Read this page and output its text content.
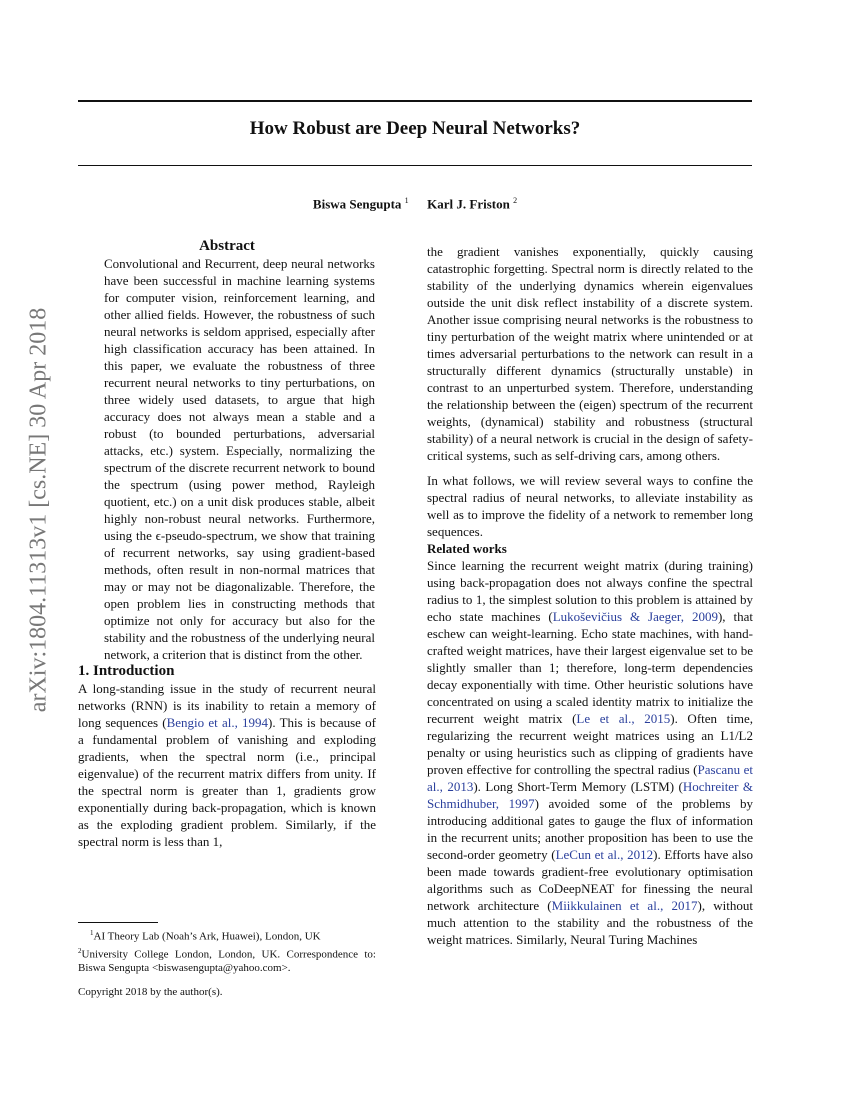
arXiv:1804.11313v1 [cs.NE] 30 Apr 2018
How Robust are Deep Neural Networks?
Biswa Sengupta $^1$ Karl J. Friston $^2$

Abstract

Convolutional and Recurrent, deep neural networks have been successful in machine learning systems for computer vision, reinforcement learning, and other allied fields. However, the robustness of such neural networks is seldom apprised, especially after high classification accuracy has been attained. In this paper, we evaluate the robustness of three recurrent neural networks to tiny perturbations, on three widely used datasets, to argue that high accuracy does not always mean a stable and a robust (to bounded perturbations, adversarial attacks, etc.) system. Especially, normalizing the spectrum of the discrete recurrent network to bound the spectrum (using power method, Rayleigh quotient, etc.) on a unit disk produces stable, albeit highly non-robust neural networks. Furthermore, using the ϵ-pseudo-spectrum, we show that training of recurrent networks, say using gradient-based methods, often result in non-normal matrices that may or may not be diagonalizable. Therefore, the open problem lies in constructing methods that optimize not only for accuracy but also for the stability and the robustness of the underlying neural network, a criterion that is distinct from the other.

1. Introduction

A long-standing issue in the study of recurrent neural networks (RNN) is its inability to retain a memory of long sequences (Bengio et al., 1994). This is because of a fundamental problem of vanishing and exploding gradients, when the spectral norm (i.e., principal eigenvalue) of the recurrent matrix differs from unity. If the spectral norm is greater than 1, gradients grow exponentially during back-propagation, which is known as the exploding gradient problem. Similarly, if the spectral norm is less than 1,

$^1$AI Theory Lab (Noah’s Ark, Huawei), London, UK

$^2$University College London, London, UK. Correspondence to: Biswa Sengupta <biswasengupta@yahoo.com>.

Copyright 2018 by the author(s).

the gradient vanishes exponentially, quickly causing catastrophic forgetting. Spectral norm is directly related to the stability of the underlying dynamics wherein eigenvalues outside the unit disk reflect instability of a discrete system. Another issue comprising neural networks is the robustness to tiny perturbation of the weight matrix where unintended or at times adversarial perturbations to the network can result in a structurally different dynamics (structurally unstable) in contrast to an unperturbed system. Therefore, understanding the relationship between the (eigen) spectrum of the recurrent weights, (dynamical) stability and robustness (structural stability) of a neural network is crucial in the design of safety-critical systems, such as self-driving cars, among others.

In what follows, we will review several ways to confine the spectral radius of neural networks, to alleviate instability as well as to improve the fidelity of a network to remember long sequences.

Related works

Since learning the recurrent weight matrix (during training) using back-propagation does not always confine the spectral radius to 1, the simplest solution to this problem is attained by echo state machines (Lukoševičius & Jaeger, 2009), that eschew can weight-learning. Echo state machines, with hand-crafted weight matrices, have their largest eigenvalue set to be slightly smaller than 1; therefore, long-term dependencies decay exponentially with time. Other heuristic solutions have concentrated on using a scaled identity matrix to initialize the recurrent weight matrix (Le et al., 2015). Often time, regularizing the recurrent weight matrices using an L1/L2 penalty or using heuristics such as clipping of gradients have proven effective for controlling the spectral radius (Pascanu et al., 2013). Long Short-Term Memory (LSTM) (Hochreiter & Schmidhuber, 1997) avoided some of the problems by introducing additional gates to gauge the flux of information in the recurrent units; another proposition has been to use the second-order geometry (LeCun et al., 2012). Efforts have also been made towards gradient-free evolutionary optimisation algorithms such as CoDeepNEAT for finessing the neural network architecture (Miikkulainen et al., 2017), without much attention to the stability and the robustness of the weight matrices. Similarly, Neural Turing Machines
